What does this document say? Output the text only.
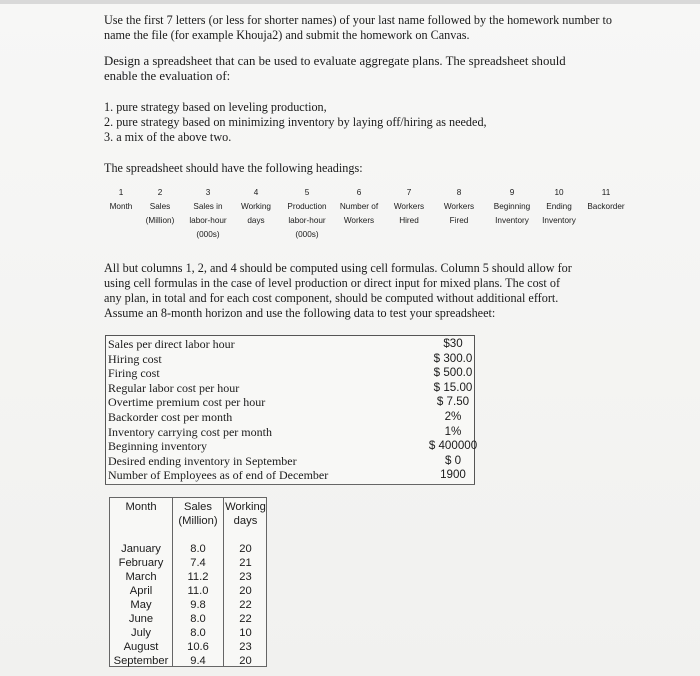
Use the first 7 letters (or less for shorter names) of your last name followed by the homework number to
name the file (for example Khouja2) and submit the homework on Canvas.

Design a spreadsheet that can be used to evaluate aggregate plans. The spreadsheet should
enable the evaluation of:

1. pure strategy based on leveling production,
2. pure strategy based on minimizing inventory by laying off/hiring as needed,
3. a mix of the above two.

The spreadsheet should have the following headings:

1
Month
2
Sales
(Million)
3
Sales in
labor-hour
(000s)
4
Working
days
5
Production
labor-hour
(000s)
6
Number of
Workers
7
Workers
Hired
8
Workers
Fired
9
Beginning
Inventory
10
Ending
Inventory
11
Backorder

All but columns 1, 2, and 4 should be computed using cell formulas. Column 5 should allow for
using cell formulas in the case of level production or direct input for mixed plans. The cost of
any plan, in total and for each cost component, should be computed without additional effort.
Assume an 8-month horizon and use the following data to test your spreadsheet:

Sales per direct labor hour
Hiring cost
Firing cost
Regular labor cost per hour
Overtime premium cost per hour
Backorder cost per month
Inventory carrying cost per month
Beginning inventory
Desired ending inventory in September
Number of Employees as of end of December
$30
$ 300.0
$ 500.0
$ 15.00
$ 7.50
2%
1%
$ 400000
$ 0
1900
Month
January
February
March
April
May
June
July
August
September
Sales
(Million)
8.0
7.4
11.2
11.0
9.8
8.0
8.0
10.6
9.4
Working
days
20
21
23
20
22
22
10
23
20
